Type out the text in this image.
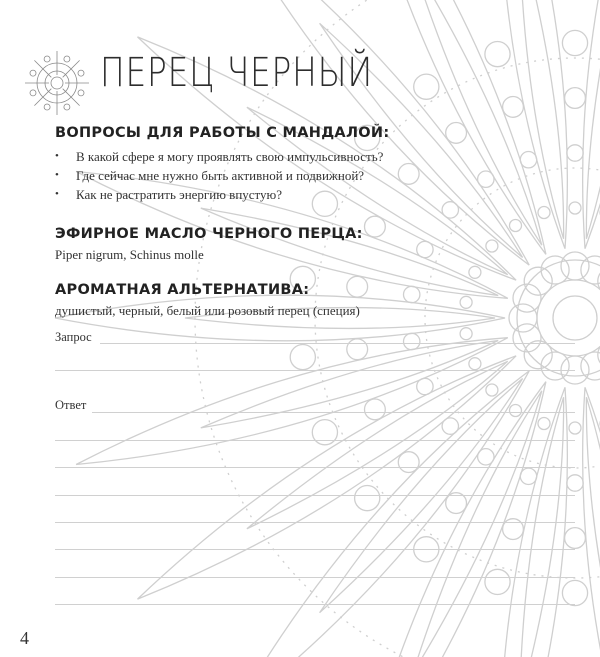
ПЕРЕЦ ЧЕРНЫЙ

ВОПРОСЫ ДЛЯ РАБОТЫ С МАНДАЛОЙ:

• В какой сфере я могу проявлять свою импульсивность?
• Где сейчас мне нужно быть активной и подвижной?
• Как не растратить энергию впустую?

ЭФИРНОЕ МАСЛО ЧЕРНОГО ПЕРЦА:

Piper nigrum, Schinus molle

АРОМАТНАЯ АЛЬТЕРНАТИВА:

душистый, черный, белый или розовый перец (специя)

Запрос
Ответ
4
